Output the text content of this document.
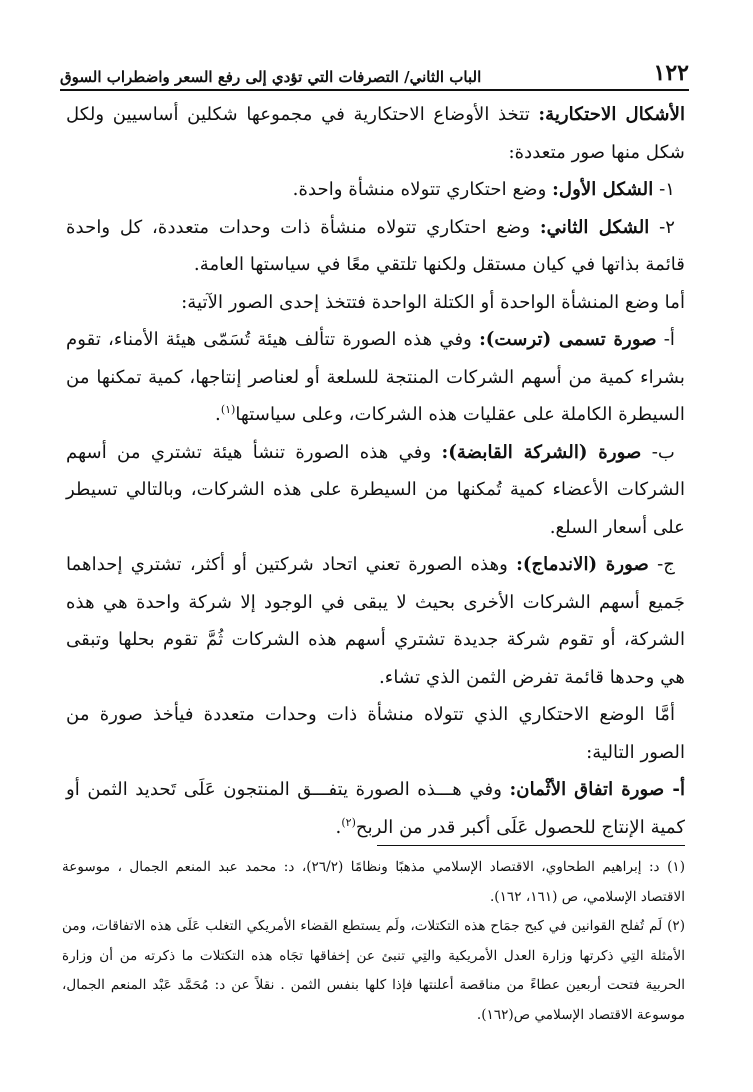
١٢٢
الباب الثاني/ التصرفات التي تؤدي إلى رفع السعر واضطراب السوق

الأشكال الاحتكارية: تتخذ الأوضاع الاحتكارية في مجموعها شكلين أساسيين ولكل شكل منها صور متعددة:

١- الشكل الأول: وضع احتكاري تتولاه منشأة واحدة.

٢- الشكل الثاني: وضع احتكاري تتولاه منشأة ذات وحدات متعددة، كل واحدة قائمة بذاتها في كيان مستقل ولكنها تلتقي معًا في سياستها العامة.

أما وضع المنشأة الواحدة أو الكتلة الواحدة فتتخذ إحدى الصور الآتية:

أ- صورة تسمى (ترست): وفي هذه الصورة تتألف هيئة تُسَمّى هيئة الأمناء، تقوم بشراء كمية من أسهم الشركات المنتجة للسلعة أو لعناصر إنتاجها، كمية تمكنها من السيطرة الكاملة على عقليات هذه الشركات، وعلى سياستها$^{(١)}$.

ب- صورة (الشركة القابضة): وفي هذه الصورة تنشأ هيئة تشتري من أسهم الشركات الأعضاء كمية تُمكنها من السيطرة على هذه الشركات، وبالتالي تسيطر على أسعار السلع.

ج- صورة (الاندماج): وهذه الصورة تعني اتحاد شركتين أو أكثر، تشتري إحداهما جَميع أسهم الشركات الأخرى بحيث لا يبقى في الوجود إلا شركة واحدة هي هذه الشركة، أو تقوم شركة جديدة تشتري أسهم هذه الشركات ثُمَّ تقوم بحلها وتبقى هي وحدها قائمة تفرض الثمن الذي تشاء.

أمَّا الوضع الاحتكاري الذي تتولاه منشأة ذات وحدات متعددة فيأخذ صورة من الصور التالية:

أ- صورة اتفاق الأثْمان: وفي هـــذه الصورة يتفـــق المنتجون عَلَى تَحديد الثمن أو كمية الإنتاج للحصول عَلَى أكبر قدر من الربح$^{(٢)}$.

(١) د: إبراهيم الطحاوي، الاقتصاد الإسلامي مذهبًا ونظامًا (٢٦/٢)، د: محمد عبد المنعم الجمال ، موسوعة الاقتصاد الإسلامي، ص (١٦١، ١٦٢).

(٢) لَم تُفلح القوانين في كبح جمَاح هذه التكتلات، ولَم يستطع القضاء الأمريكي التغلب عَلَى هذه الاتفاقات، ومن الأمثلة التِي ذكرتها وزارة العدل الأمريكية والتِي تنبئ عن إخفاقها تجَاه هذه التكتلات ما ذكرته من أن وزارة الحربية فتحت أربعين عطاءً من مناقصة أعلنتها فإذا كلها بنفس الثمن . نقلاً عن د: مُحَمَّد عَبْد المنعم الجمال، موسوعة الاقتصاد الإسلامي ص(١٦٢).
